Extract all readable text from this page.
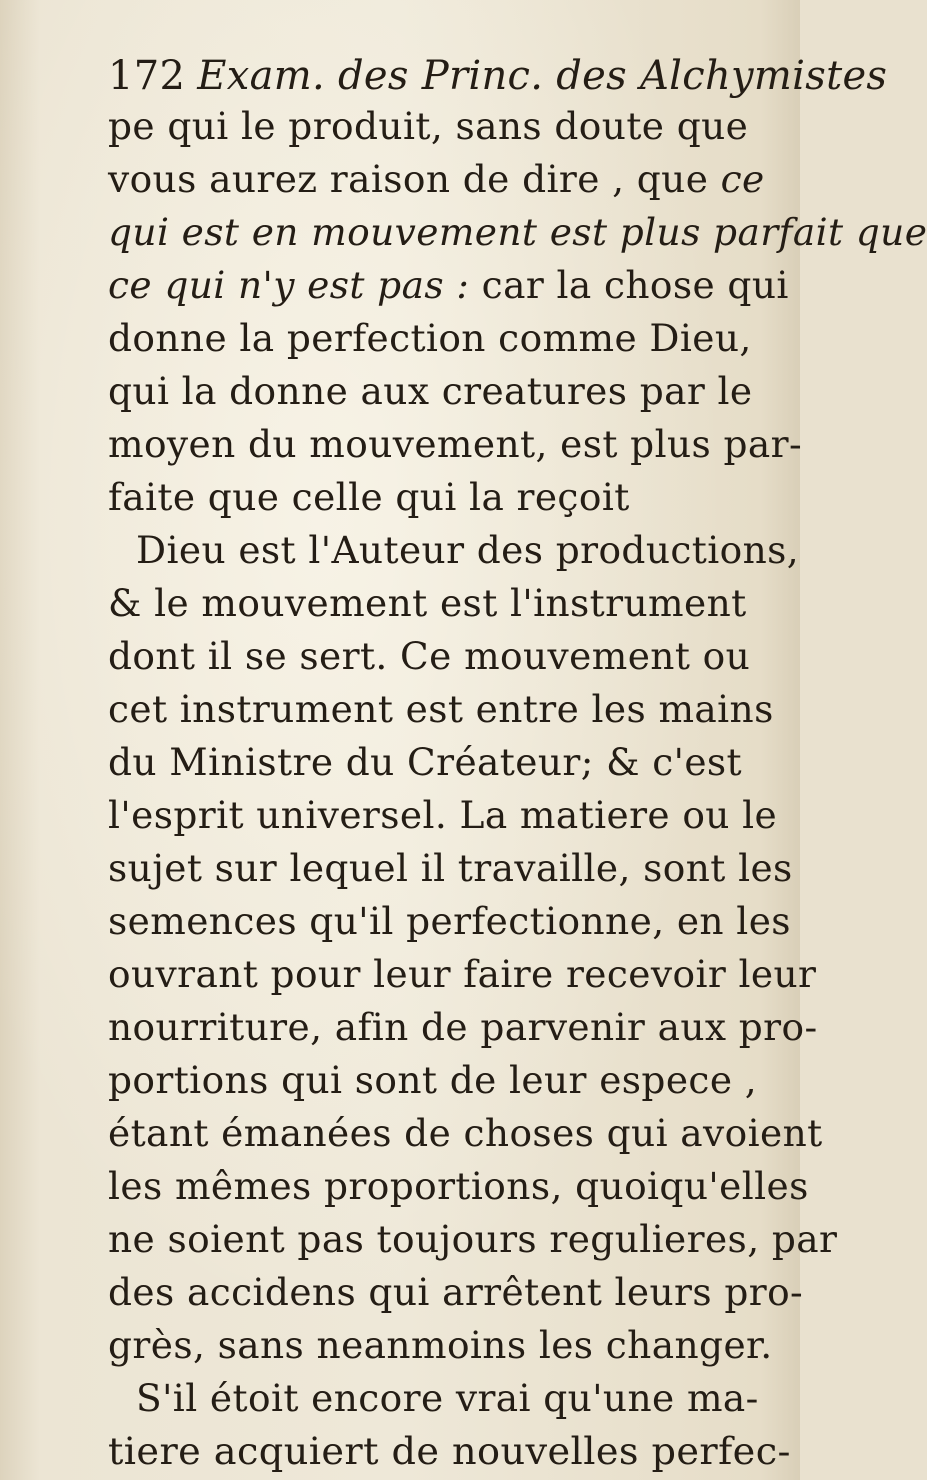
172 Exam. des Princ. des Alchymistes
pe qui le produit, sans doute que
vous aurez raison de dire , que ce
qui est en mouvement est plus parfait que
ce qui n'y est pas : car la chose qui
donne la perfection comme Dieu,
qui la donne aux creatures par le
moyen du mouvement, est plus par-
faite que celle qui la reçoit
Dieu est l'Auteur des productions,
& le mouvement est l'instrument
dont il se sert. Ce mouvement ou
cet instrument est entre les mains
du Ministre du Créateur; & c'est
l'esprit universel. La matiere ou le
sujet sur lequel il travaille, sont les
semences qu'il perfectionne, en les
ouvrant pour leur faire recevoir leur
nourriture, afin de parvenir aux pro-
portions qui sont de leur espece ,
étant émanées de choses qui avoient
les mêmes proportions, quoiqu'elles
ne soient pas toujours regulieres, par
des accidens qui arrêtent leurs pro-
grès, sans neanmoins les changer.
S'il étoit encore vrai qu'une ma-
tiere acquiert de nouvelles perfec-
